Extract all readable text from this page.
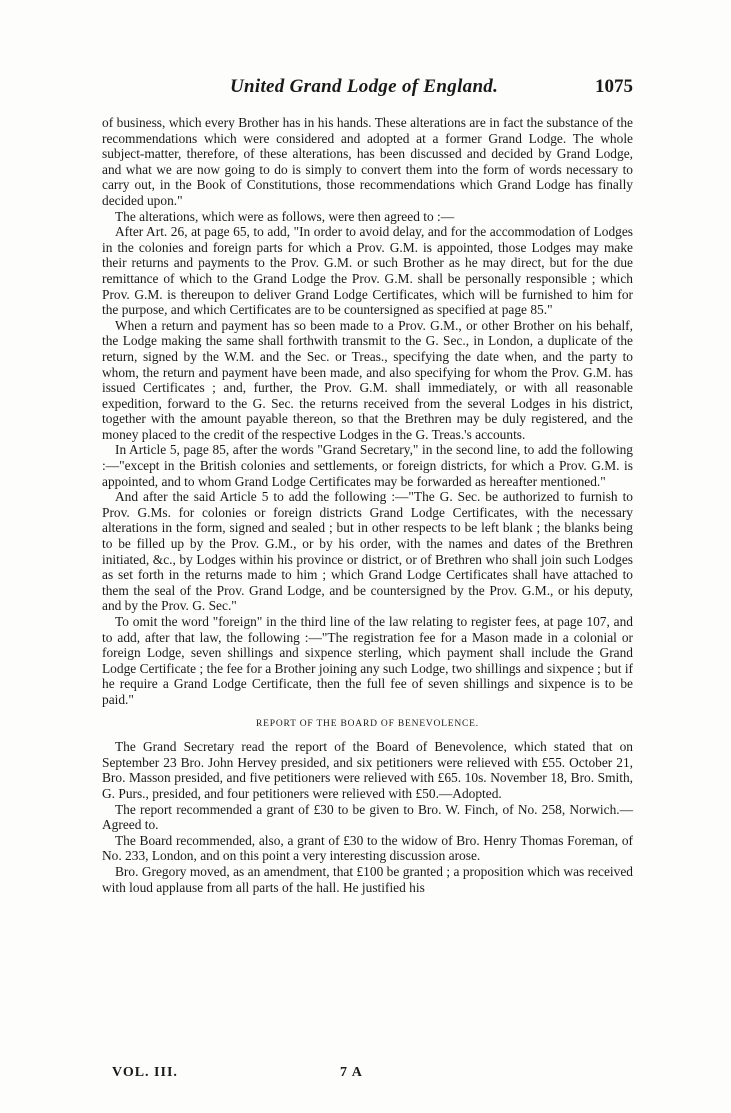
United Grand Lodge of England.	1075

of business, which every Brother has in his hands. These alterations are in fact the substance of the recommendations which were considered and adopted at a former Grand Lodge. The whole subject-matter, therefore, of these alterations, has been discussed and decided by Grand Lodge, and what we are now going to do is simply to convert them into the form of words necessary to carry out, in the Book of Constitutions, those recommendations which Grand Lodge has finally decided upon."

The alterations, which were as follows, were then agreed to :—

After Art. 26, at page 65, to add, "In order to avoid delay, and for the accommodation of Lodges in the colonies and foreign parts for which a Prov. G.M. is appointed, those Lodges may make their returns and payments to the Prov. G.M. or such Brother as he may direct, but for the due remittance of which to the Grand Lodge the Prov. G.M. shall be personally responsible ; which Prov. G.M. is thereupon to deliver Grand Lodge Certificates, which will be furnished to him for the purpose, and which Certificates are to be countersigned as specified at page 85."

When a return and payment has so been made to a Prov. G.M., or other Brother on his behalf, the Lodge making the same shall forthwith transmit to the G. Sec., in London, a duplicate of the return, signed by the W.M. and the Sec. or Treas., specifying the date when, and the party to whom, the return and payment have been made, and also specifying for whom the Prov. G.M. has issued Certificates ; and, further, the Prov. G.M. shall immediately, or with all reasonable expedition, forward to the G. Sec. the returns received from the several Lodges in his district, together with the amount payable thereon, so that the Brethren may be duly registered, and the money placed to the credit of the respective Lodges in the G. Treas.'s accounts.

In Article 5, page 85, after the words "Grand Secretary," in the second line, to add the following :—"except in the British colonies and settlements, or foreign districts, for which a Prov. G.M. is appointed, and to whom Grand Lodge Certificates may be forwarded as hereafter mentioned."

And after the said Article 5 to add the following :—"The G. Sec. be authorized to furnish to Prov. G.Ms. for colonies or foreign districts Grand Lodge Certificates, with the necessary alterations in the form, signed and sealed ; but in other respects to be left blank ; the blanks being to be filled up by the Prov. G.M., or by his order, with the names and dates of the Brethren initiated, &c., by Lodges within his province or district, or of Brethren who shall join such Lodges as set forth in the returns made to him ; which Grand Lodge Certificates shall have attached to them the seal of the Prov. Grand Lodge, and be countersigned by the Prov. G.M., or his deputy, and by the Prov. G. Sec."

To omit the word "foreign" in the third line of the law relating to register fees, at page 107, and to add, after that law, the following :—"The registration fee for a Mason made in a colonial or foreign Lodge, seven shillings and sixpence sterling, which payment shall include the Grand Lodge Certificate ; the fee for a Brother joining any such Lodge, two shillings and sixpence ; but if he require a Grand Lodge Certificate, then the full fee of seven shillings and sixpence is to be paid."

REPORT OF THE BOARD OF BENEVOLENCE.

The Grand Secretary read the report of the Board of Benevolence, which stated that on September 23 Bro. John Hervey presided, and six petitioners were relieved with £55. October 21, Bro. Masson presided, and five petitioners were relieved with £65. 10s. November 18, Bro. Smith, G. Purs., presided, and four petitioners were relieved with £50.—Adopted.

The report recommended a grant of £30 to be given to Bro. W. Finch, of No. 258, Norwich.—Agreed to.

The Board recommended, also, a grant of £30 to the widow of Bro. Henry Thomas Foreman, of No. 233, London, and on this point a very interesting discussion arose.

Bro. Gregory moved, as an amendment, that £100 be granted ; a proposition which was received with loud applause from all parts of the hall. He justified his

VOL. III.	7 A
